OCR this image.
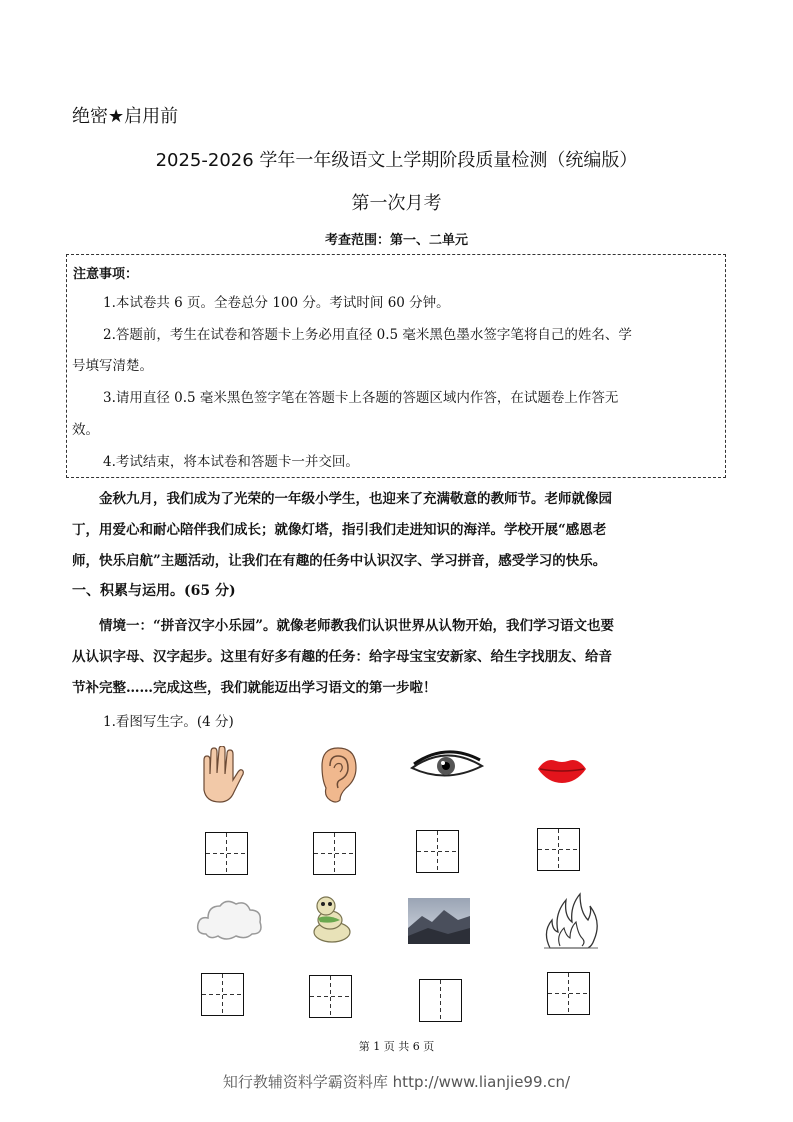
绝密★启用前
2025-2026 学年一年级语文上学期阶段质量检测（统编版）
第一次月考
考查范围：第一、二单元
注意事项：
1.本试卷共 6 页。全卷总分 100 分。考试时间 60 分钟。
2.答题前，考生在试卷和答题卡上务必用直径 0.5 毫米黑色墨水签字笔将自己的姓名、学
号填写清楚。
3.请用直径 0.5 毫米黑色签字笔在答题卡上各题的答题区域内作答，在试题卷上作答无
效。
4.考试结束，将本试卷和答题卡一并交回。
金秋九月，我们成为了光荣的一年级小学生，也迎来了充满敬意的教师节。老师就像园
丁，用爱心和耐心陪伴我们成长；就像灯塔，指引我们走进知识的海洋。学校开展“感恩老
师，快乐启航”主题活动，让我们在有趣的任务中认识汉字、学习拼音，感受学习的快乐。
一、积累与运用。(65 分)
情境一：“拼音汉字小乐园”。就像老师教我们认识世界从认物开始，我们学习语文也要
从认识字母、汉字起步。这里有好多有趣的任务：给字母宝宝安新家、给生字找朋友、给音
节补完整……完成这些，我们就能迈出学习语文的第一步啦！
1.看图写生字。(4 分)
第 1 页 共 6 页
知行教辅资料学霸资料库 http://www.lianjie99.cn/
